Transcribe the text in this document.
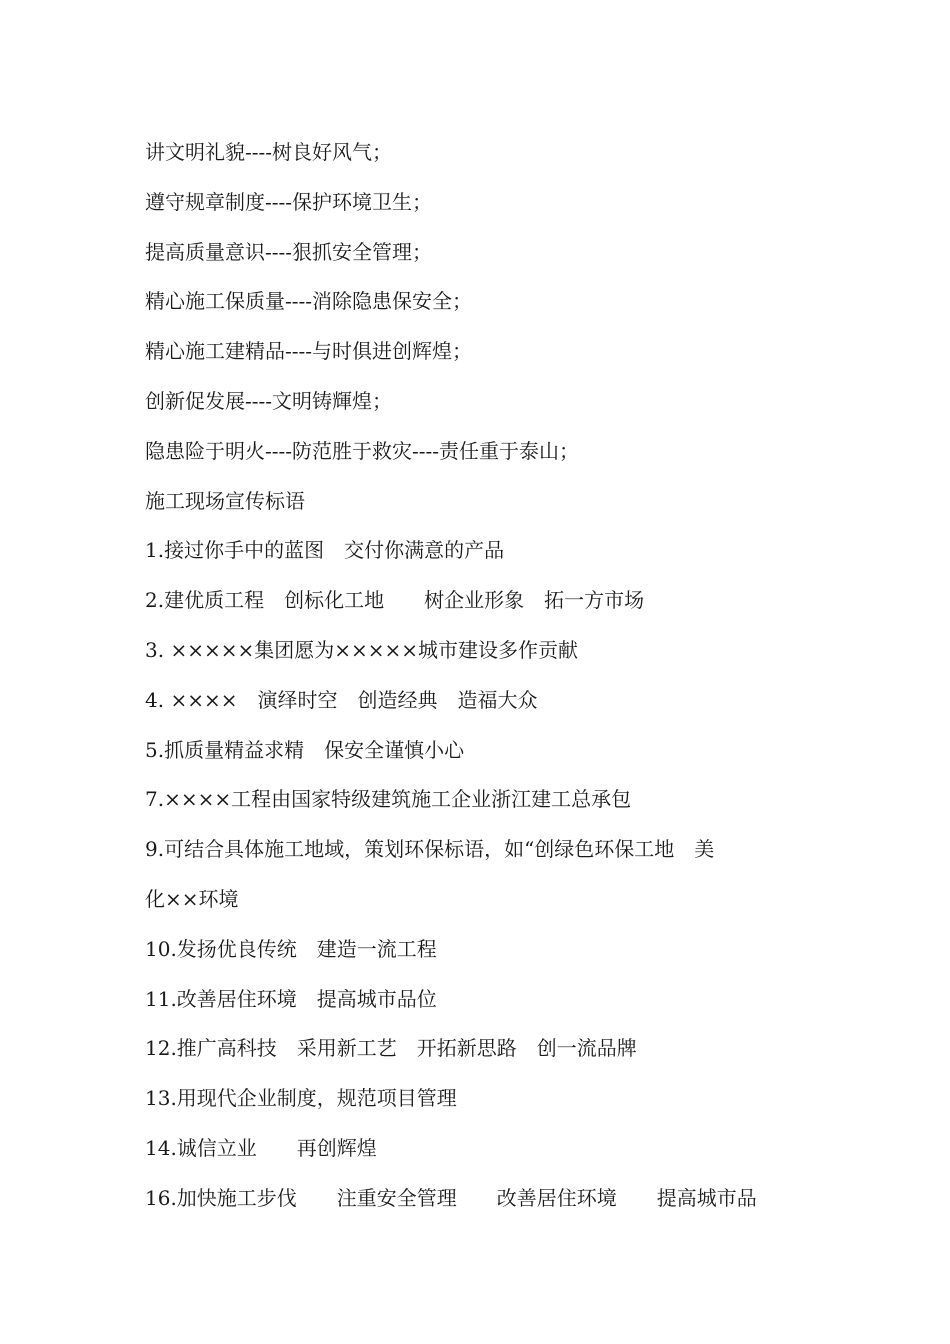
讲文明礼貌----树良好风气；
遵守规章制度----保护环境卫生；
提高质量意识----狠抓安全管理；
精心施工保质量----消除隐患保安全；
精心施工建精品----与时俱进创辉煌；
创新促发展----文明铸輝煌；
隐患险于明火----防范胜于救灾----责任重于泰山；
施工现场宣传标语
1.接过你手中的蓝图　交付你满意的产品
2.建优质工程　创标化工地　　树企业形象　拓一方市场
3. ×××××集团愿为×××××城市建设多作贡献
4. ××××　演绎时空　创造经典　造福大众
5.抓质量精益求精　保安全谨慎小心
7.××××工程由国家特级建筑施工企业浙江建工总承包
9.可结合具体施工地域，策划环保标语，如“创绿色环保工地　美
化××环境
10.发扬优良传统　建造一流工程
11.改善居住环境　提高城市品位
12.推广高科技　采用新工艺　开拓新思路　创一流品牌
13.用现代企业制度，规范项目管理
14.诚信立业　　再创辉煌
16.加快施工步伐　　注重安全管理　　改善居住环境　　提高城市品
